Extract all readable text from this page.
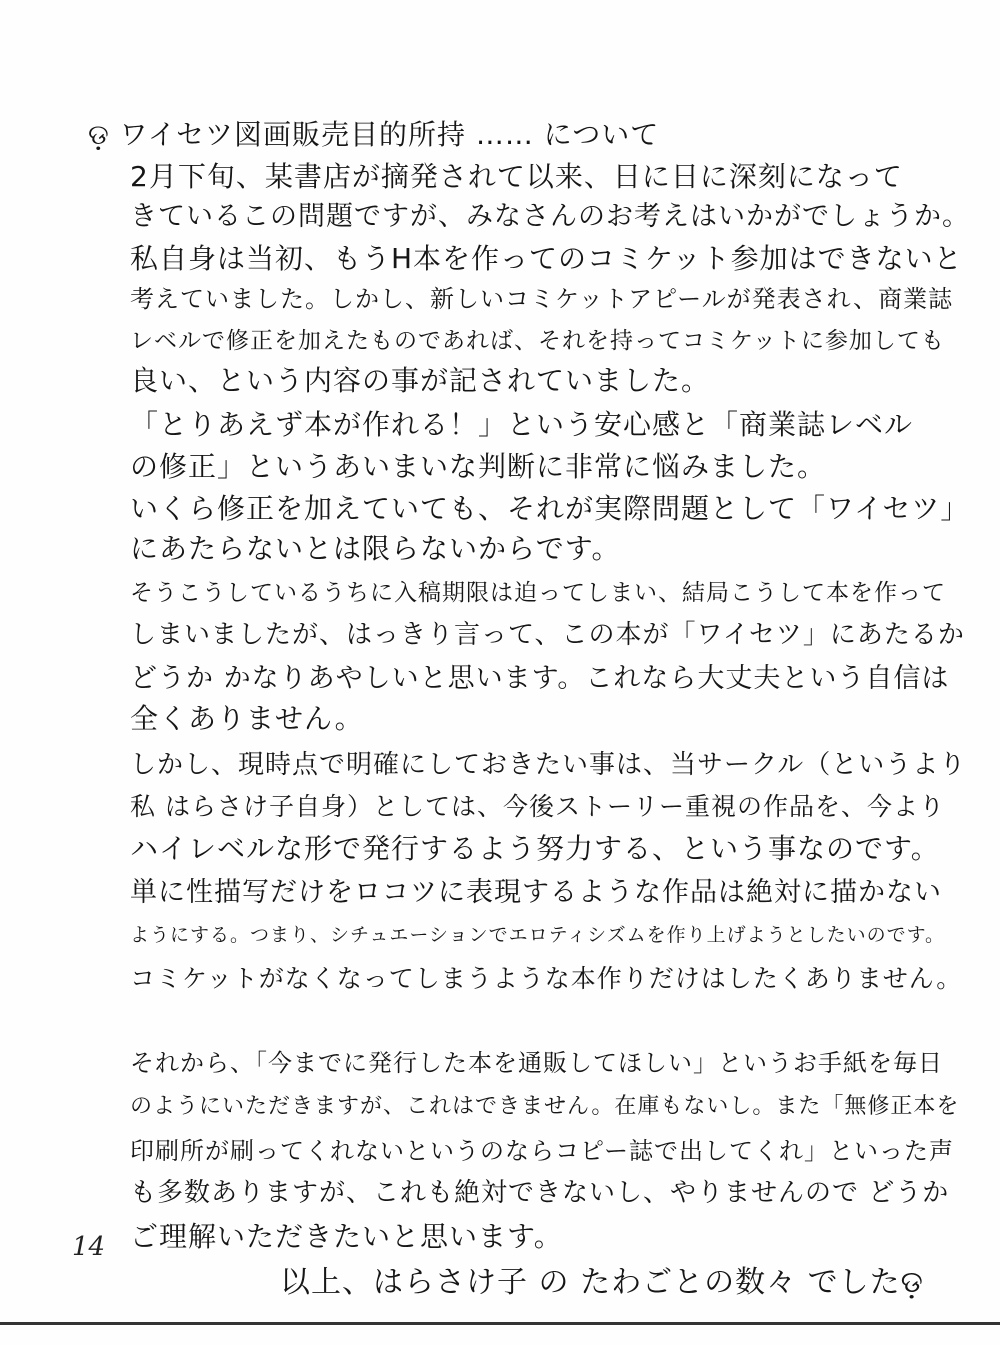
ଡ଼ ワイセツ図画販売目的所持 …… について
2月下旬、某書店が摘発されて以来、日に日に深刻になって
きているこの問題ですが、みなさんのお考えはいかがでしょうか。
私自身は当初、もうH本を作ってのコミケット参加はできないと
考えていました。しかし、新しいコミケットアピールが発表され、商業誌
レベルで修正を加えたものであれば、それを持ってコミケットに参加しても
良い、という内容の事が記されていました。
「とりあえず本が作れる！」という安心感と「商業誌レベル
の修正」というあいまいな判断に非常に悩みました。
いくら修正を加えていても、それが実際問題として「ワイセツ」
にあたらないとは限らないからです。
そうこうしているうちに入稿期限は迫ってしまい、結局こうして本を作って
しまいましたが、はっきり言って、この本が「ワイセツ」にあたるか
どうか かなりあやしいと思います。これなら大丈夫という自信は
全くありません。
しかし、現時点で明確にしておきたい事は、当サークル（というより
私 はらさけ子自身）としては、今後ストーリー重視の作品を、今より
ハイレベルな形で発行するよう努力する、という事なのです。
単に性描写だけをロコツに表現するような作品は絶対に描かない
ようにする。つまり、シチュエーションでエロティシズムを作り上げようとしたいのです。
コミケットがなくなってしまうような本作りだけはしたくありません。
それから、「今までに発行した本を通販してほしい」というお手紙を毎日
のようにいただきますが、これはできません。在庫もないし。また「無修正本を
印刷所が刷ってくれないというのならコピー誌で出してくれ」といった声
も多数ありますが、これも絶対できないし、やりませんので どうか
ご理解いただきたいと思います。
14
以上、はらさけ子 の たわごとの数々 でしたଡ଼
